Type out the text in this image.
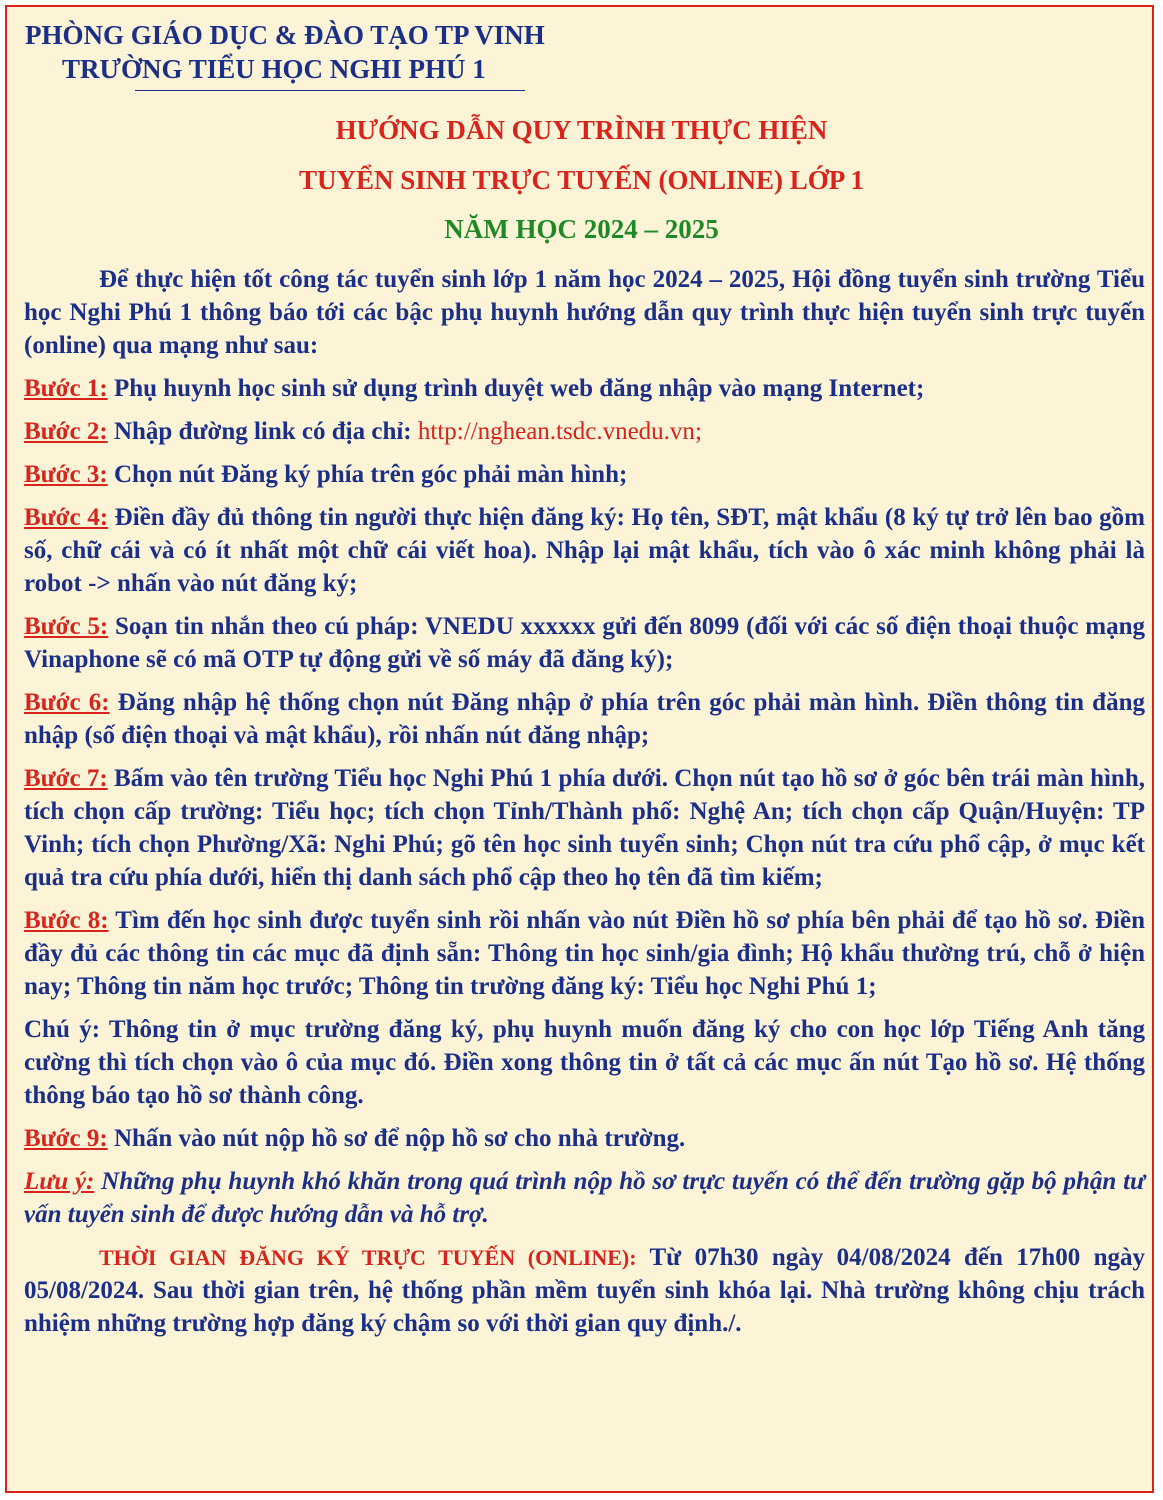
PHÒNG GIÁO DỤC & ĐÀO TẠO TP VINH
TRƯỜNG TIỂU HỌC NGHI PHÚ 1
HƯỚNG DẪN QUY TRÌNH THỰC HIỆN
TUYỂN SINH TRỰC TUYẾN (ONLINE) LỚP 1
NĂM HỌC 2024 – 2025

Để thực hiện tốt công tác tuyển sinh lớp 1 năm học 2024 – 2025, Hội đồng tuyển sinh trường Tiểu học Nghi Phú 1 thông báo tới các bậc phụ huynh hướng dẫn quy trình thực hiện tuyển sinh trực tuyến (online) qua mạng như sau:

Bước 1: Phụ huynh học sinh sử dụng trình duyệt web đăng nhập vào mạng Internet;

Bước 2: Nhập đường link có địa chỉ: http://nghean.tsdc.vnedu.vn;

Bước 3: Chọn nút Đăng ký phía trên góc phải màn hình;

Bước 4: Điền đầy đủ thông tin người thực hiện đăng ký: Họ tên, SĐT, mật khẩu (8 ký tự trở lên bao gồm số, chữ cái và có ít nhất một chữ cái viết hoa). Nhập lại mật khẩu, tích vào ô xác minh không phải là robot -> nhấn vào nút đăng ký;

Bước 5: Soạn tin nhắn theo cú pháp: VNEDU xxxxxx gửi đến 8099 (đối với các số điện thoại thuộc mạng Vinaphone sẽ có mã OTP tự động gửi về số máy đã đăng ký);

Bước 6: Đăng nhập hệ thống chọn nút Đăng nhập ở phía trên góc phải màn hình. Điền thông tin đăng nhập (số điện thoại và mật khẩu), rồi nhấn nút đăng nhập;

Bước 7: Bấm vào tên trường Tiểu học Nghi Phú 1 phía dưới. Chọn nút tạo hồ sơ ở góc bên trái màn hình, tích chọn cấp trường: Tiểu học; tích chọn Tỉnh/Thành phố: Nghệ An; tích chọn cấp Quận/Huyện: TP Vinh; tích chọn Phường/Xã: Nghi Phú; gõ tên học sinh tuyển sinh; Chọn nút tra cứu phổ cập, ở mục kết quả tra cứu phía dưới, hiển thị danh sách phổ cập theo họ tên đã tìm kiếm;

Bước 8: Tìm đến học sinh được tuyển sinh rồi nhấn vào nút Điền hồ sơ phía bên phải để tạo hồ sơ. Điền đầy đủ các thông tin các mục đã định sẵn: Thông tin học sinh/gia đình; Hộ khẩu thường trú, chỗ ở hiện nay; Thông tin năm học trước; Thông tin trường đăng ký: Tiểu học Nghi Phú 1;

Chú ý: Thông tin ở mục trường đăng ký, phụ huynh muốn đăng ký cho con học lớp Tiếng Anh tăng cường thì tích chọn vào ô của mục đó. Điền xong thông tin ở tất cả các mục ấn nút Tạo hồ sơ. Hệ thống thông báo tạo hồ sơ thành công.

Bước 9: Nhấn vào nút nộp hồ sơ để nộp hồ sơ cho nhà trường.

Lưu ý: Những phụ huynh khó khăn trong quá trình nộp hồ sơ trực tuyến có thể đến trường gặp bộ phận tư vấn tuyển sinh để được hướng dẫn và hỗ trợ.

THỜI GIAN ĐĂNG KÝ TRỰC TUYẾN (ONLINE): Từ 07h30 ngày 04/08/2024 đến 17h00 ngày 05/08/2024. Sau thời gian trên, hệ thống phần mềm tuyển sinh khóa lại. Nhà trường không chịu trách nhiệm những trường hợp đăng ký chậm so với thời gian quy định./.
